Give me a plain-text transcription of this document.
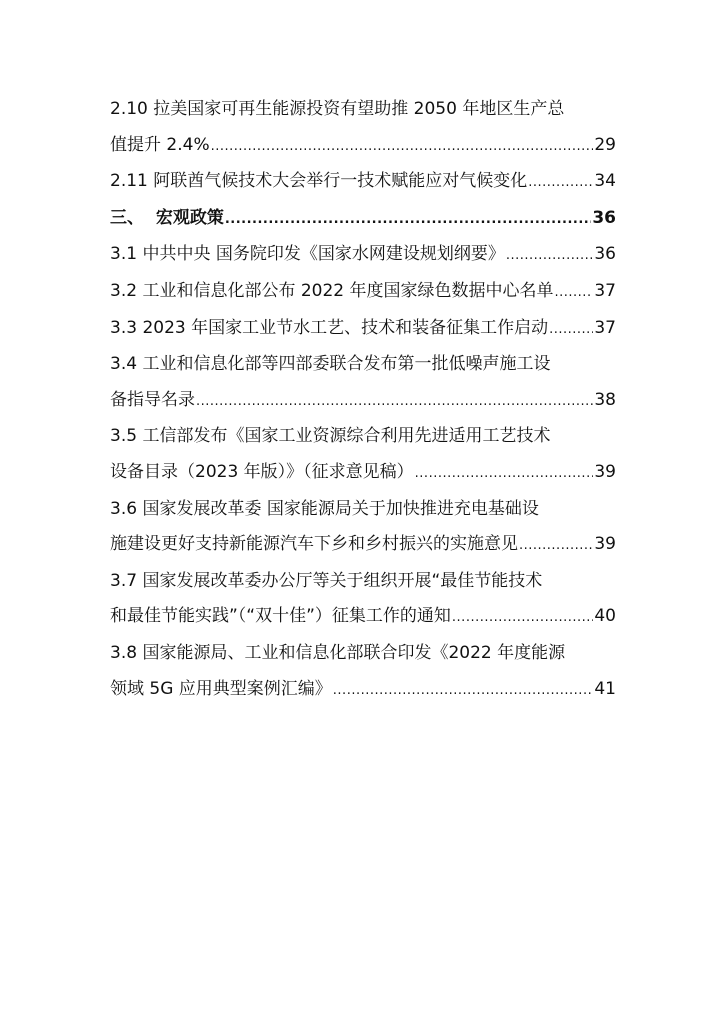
2.10 拉美国家可再生能源投资有望助推 2050 年地区生产总
值提升 2.4% .....	29
2.11 阿联酋气候技术大会举行一技术赋能应对气候变化 .....	34
三、  宏观政策 .....	36
3.1 中共中央 国务院印发《国家水网建设规划纲要》 .....	36
3.2 工业和信息化部公布 2022 年度国家绿色数据中心名单 ..... 37
3.3 2023 年国家工业节水工艺、技术和装备征集工作启动 .....	37
3.4 工业和信息化部等四部委联合发布第一批低噪声施工设
备指导名录 .....	38
3.5 工信部发布《国家工业资源综合利用先进适用工艺技术
设备目录（2023 年版）》（征求意见稿） .....	39
3.6 国家发展改革委 国家能源局关于加快推进充电基础设
施建设更好支持新能源汽车下乡和乡村振兴的实施意见 .....	39
3.7 国家发展改革委办公厅等关于组织开展“最佳节能技术
和最佳节能实践”（“双十佳”）征集工作的通知 .....	40
3.8 国家能源局、工业和信息化部联合印发《2022 年度能源
领域 5G 应用典型案例汇编》 .....	41
